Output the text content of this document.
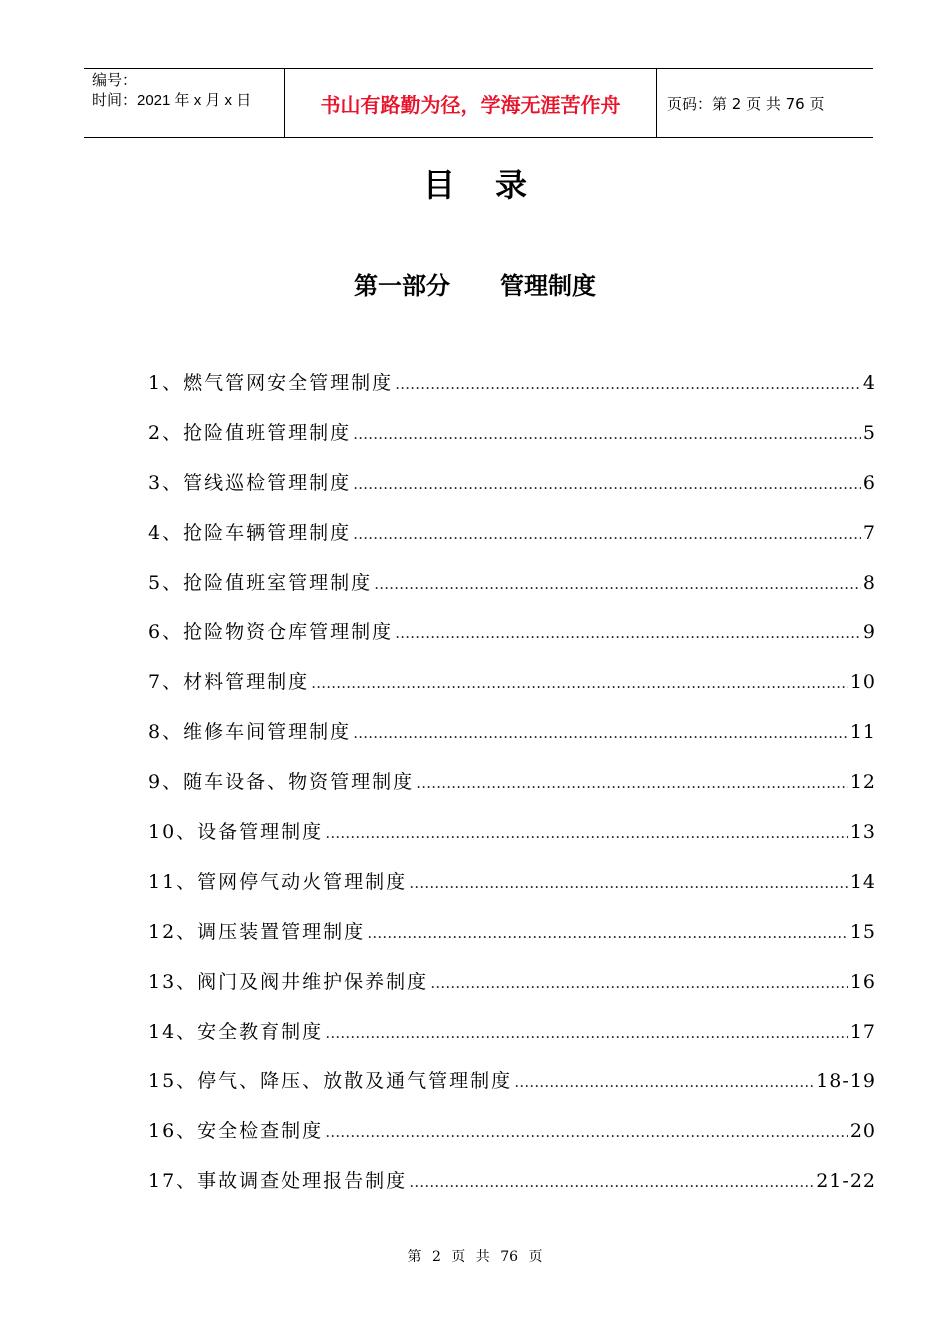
编号：
时间：2021 年 x 月 x 日	书山有路勤为径，学海无涯苦作舟	页码：第 2 页 共 76 页
目 录
第一部分 管理制度
1、燃气管网安全管理制度 …………………………………………………………………………………………………………………………………………………………………………………………	4
2、抢险值班管理制度 …………………………………………………………………………………………………………………………………………………………………………………………	5
3、管线巡检管理制度 …………………………………………………………………………………………………………………………………………………………………………………………	6
4、抢险车辆管理制度 …………………………………………………………………………………………………………………………………………………………………………………………	7
5、抢险值班室管理制度 …………………………………………………………………………………………………………………………………………………………………………………………	8
6、抢险物资仓库管理制度 …………………………………………………………………………………………………………………………………………………………………………………………	9
7、材料管理制度 …………………………………………………………………………………………………………………………………………………………………………………………	10
8、维修车间管理制度 …………………………………………………………………………………………………………………………………………………………………………………………	11
9、随车设备、物资管理制度 …………………………………………………………………………………………………………………………………………………………………………………………	12
10、设备管理制度 …………………………………………………………………………………………………………………………………………………………………………………………	13
11、管网停气动火管理制度 …………………………………………………………………………………………………………………………………………………………………………………………	14
12、调压装置管理制度 …………………………………………………………………………………………………………………………………………………………………………………………	15
13、阀门及阀井维护保养制度 …………………………………………………………………………………………………………………………………………………………………………………………	16
14、安全教育制度 …………………………………………………………………………………………………………………………………………………………………………………………	17
15、停气、降压、放散及通气管理制度 …………………………………………………………………………………………………………………………………………………………………………………………	18-19
16、安全检查制度 …………………………………………………………………………………………………………………………………………………………………………………………	20
17、事故调查处理报告制度 …………………………………………………………………………………………………………………………………………………………………………………………	21-22
第 2 页 共 76 页
